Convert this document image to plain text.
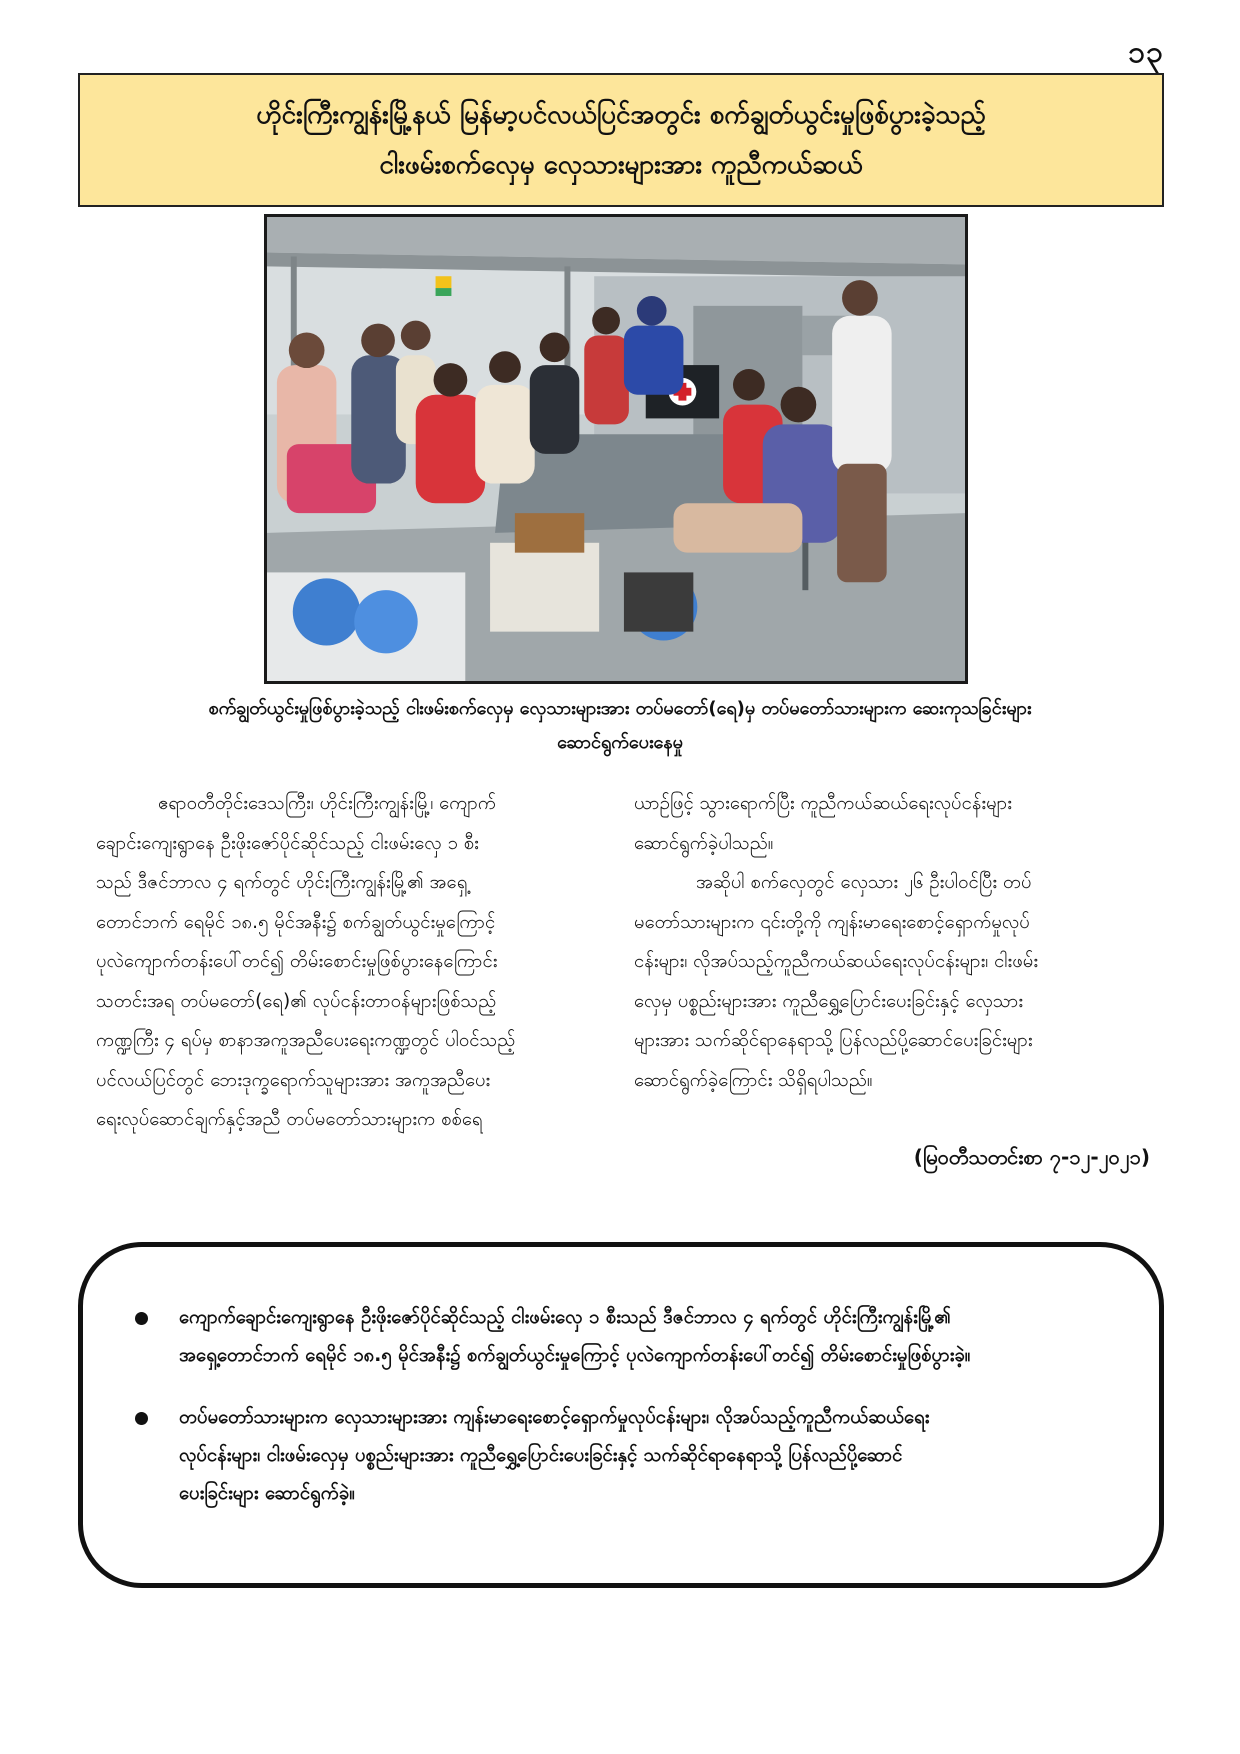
၁၃
ဟိုင်းကြီးကျွန်းမြို့နယ် မြန်မာ့ပင်လယ်ပြင်အတွင်း စက်ချွတ်ယွင်းမှုဖြစ်ပွားခဲ့သည့်
ငါးဖမ်းစက်လှေမှ လှေသားများအား ကူညီကယ်ဆယ်
စက်ချွတ်ယွင်းမှုဖြစ်ပွားခဲ့သည့် ငါးဖမ်းစက်လှေမှ လှေသားများအား တပ်မတော်(ရေ)မှ တပ်မတော်သားများက ဆေးကုသခြင်းများ
ဆောင်ရွက်ပေးနေမှု
ဧရာဝတီတိုင်းဒေသကြီး၊ ဟိုင်းကြီးကျွန်းမြို့၊ ကျောက်
ချောင်းကျေးရွာနေ ဦးဖိုးဇော်ပိုင်ဆိုင်သည့် ငါးဖမ်းလှေ ၁ စီး
သည် ဒီဇင်ဘာလ ၄ ရက်တွင် ဟိုင်းကြီးကျွန်းမြို့၏ အရှေ့
တောင်ဘက် ရေမိုင် ၁၈.၅ မိုင်အနီး၌ စက်ချွတ်ယွင်းမှုကြောင့်
ပုလဲကျောက်တန်းပေါ်တင်၍ တိမ်းစောင်းမှုဖြစ်ပွားနေကြောင်း
သတင်းအရ တပ်မတော်(ရေ)၏ လုပ်ငန်းတာဝန်များဖြစ်သည့်
ကဏ္ဍကြီး ၄ ရပ်မှ စာနာအကူအညီပေးရေးကဏ္ဍတွင် ပါဝင်သည့်
ပင်လယ်ပြင်တွင် ဘေးဒုက္ခရောက်သူများအား အကူအညီပေး
ရေးလုပ်ဆောင်ချက်နှင့်အညီ တပ်မတော်သားများက စစ်ရေ
ယာဉ်ဖြင့် သွားရောက်ပြီး ကူညီကယ်ဆယ်ရေးလုပ်ငန်းများ
ဆောင်ရွက်ခဲ့ပါသည်။
အဆိုပါ စက်လှေတွင် လှေသား ၂၆ ဦးပါဝင်ပြီး တပ်
မတော်သားများက ၎င်းတို့ကို ကျန်းမာရေးစောင့်ရှောက်မှုလုပ်
ငန်းများ၊ လိုအပ်သည့်ကူညီကယ်ဆယ်ရေးလုပ်ငန်းများ၊ ငါးဖမ်း
လှေမှ ပစ္စည်းများအား ကူညီရွှေ့ပြောင်းပေးခြင်းနှင့် လှေသား
များအား သက်ဆိုင်ရာနေရာသို့ ပြန်လည်ပို့ဆောင်ပေးခြင်းများ
ဆောင်ရွက်ခဲ့ကြောင်း သိရှိရပါသည်။
(မြဝတီသတင်းစာ ၇-၁၂-၂၀၂၁)
ကျောက်ချောင်းကျေးရွာနေ ဦးဖိုးဇော်ပိုင်ဆိုင်သည့် ငါးဖမ်းလှေ ၁ စီးသည် ဒီဇင်ဘာလ ၄ ရက်တွင် ဟိုင်းကြီးကျွန်းမြို့၏
အရှေ့တောင်ဘက် ရေမိုင် ၁၈.၅ မိုင်အနီး၌ စက်ချွတ်ယွင်းမှုကြောင့် ပုလဲကျောက်တန်းပေါ်တင်၍ တိမ်းစောင်းမှုဖြစ်ပွားခဲ့။
တပ်မတော်သားများက လှေသားများအား ကျန်းမာရေးစောင့်ရှောက်မှုလုပ်ငန်းများ၊ လိုအပ်သည့်ကူညီကယ်ဆယ်ရေး
လုပ်ငန်းများ၊ ငါးဖမ်းလှေမှ ပစ္စည်းများအား ကူညီရွှေ့ပြောင်းပေးခြင်းနှင့် သက်ဆိုင်ရာနေရာသို့ ပြန်လည်ပို့ဆောင်
ပေးခြင်းများ ဆောင်ရွက်ခဲ့။
